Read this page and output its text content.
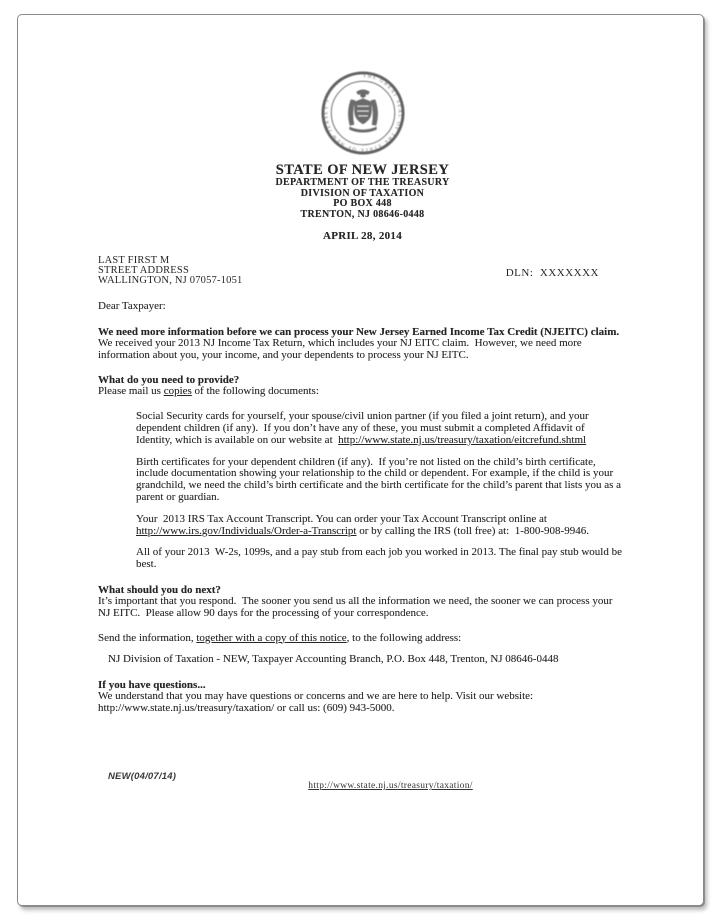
THE GREAT SEAL OF THE STATE OF NEW JERSEY •
STATE OF NEW JERSEY
DEPARTMENT OF THE TREASURY
DIVISION OF TAXATION
PO BOX 448
TRENTON, NJ 08646-0448
APRIL 28, 2014
LAST FIRST M
STREET ADDRESS
WALLINGTON, NJ 07057-1051
DLN:  XXXXXXX
Dear Taxpayer:
We need more information before we can process your New Jersey Earned Income Tax Credit (NJEITC) claim.
We received your 2013 NJ Income Tax Return, which includes your NJ EITC claim.  However, we need more information about you, your income, and your dependents to process your NJ EITC.
What do you need to provide?
Please mail us copies of the following documents:
Social Security cards for yourself, your spouse/civil union partner (if you filed a joint return), and your dependent children (if any).  If you don’t have any of these, you must submit a completed Affidavit of Identity, which is available on our website at  http://www.state.nj.us/treasury/taxation/eitcrefund.shtml
Birth certificates for your dependent children (if any).  If you’re not listed on the child’s birth certificate, include documentation showing your relationship to the child or dependent. For example, if the child is your grandchild, we need the child’s birth certificate and the birth certificate for the child’s parent that lists you as a parent or guardian.
Your  2013 IRS Tax Account Transcript. You can order your Tax Account Transcript online at http://www.irs.gov/Individuals/Order-a-Transcript or by calling the IRS (toll free) at:  1-800-908-9946.
All of your 2013  W-2s, 1099s, and a pay stub from each job you worked in 2013. The final pay stub would be best.
What should you do next?
It’s important that you respond.  The sooner you send us all the information we need, the sooner we can process your NJ EITC.  Please allow 90 days for the processing of your correspondence.
Send the information, together with a copy of this notice, to the following address:
NJ Division of Taxation - NEW, Taxpayer Accounting Branch, P.O. Box 448, Trenton, NJ 08646-0448
If you have questions...
We understand that you may have questions or concerns and we are here to help. Visit our website:
http://www.state.nj.us/treasury/taxation/ or call us: (609) 943-5000.
NEW(04/07/14)
http://www.state.nj.us/treasury/taxation/
